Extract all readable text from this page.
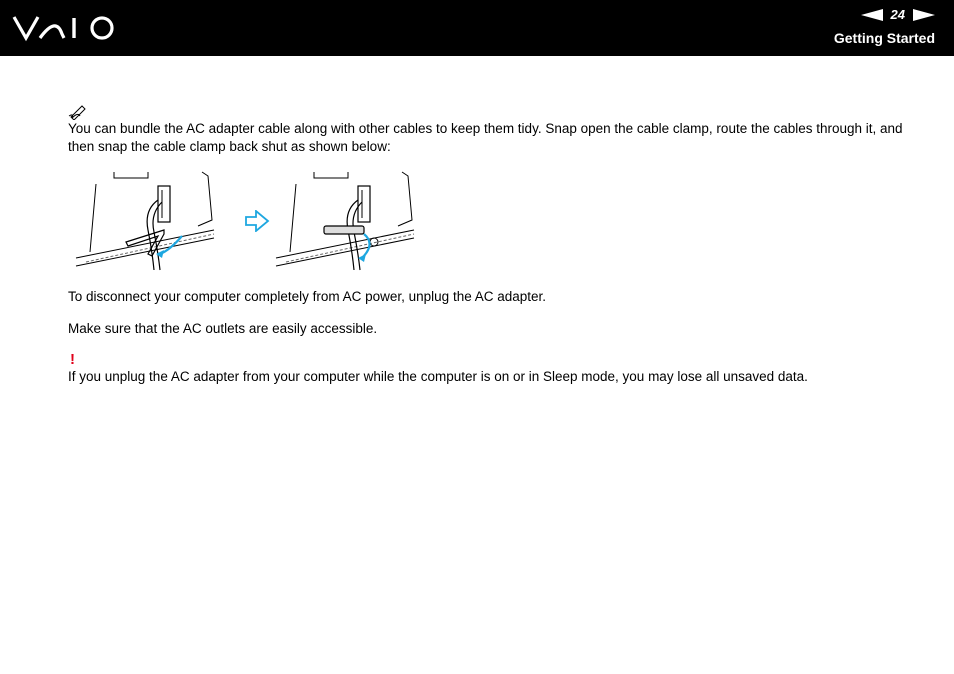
24
Getting Started

You can bundle the AC adapter cable along with other cables to keep them tidy. Snap open the cable clamp, route the cables through it, and then snap the cable clamp back shut as shown below:

To disconnect your computer completely from AC power, unplug the AC adapter.

Make sure that the AC outlets are easily accessible.

!

If you unplug the AC adapter from your computer while the computer is on or in Sleep mode, you may lose all unsaved data.
